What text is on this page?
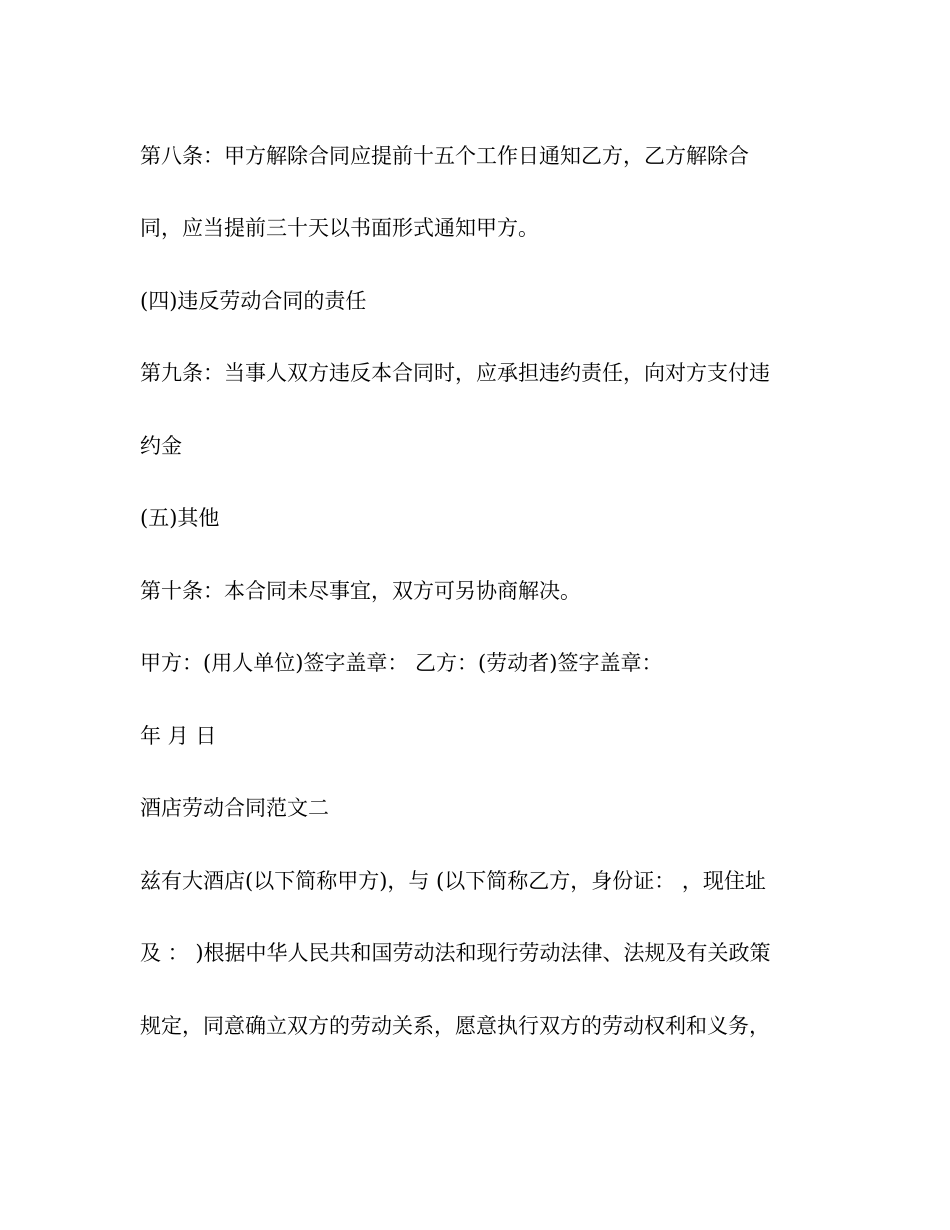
第八条：甲方解除合同应提前十五个工作日通知乙方，乙方解除合
同，应当提前三十天以书面形式通知甲方。
(四)违反劳动合同的责任
第九条：当事人双方违反本合同时，应承担违约责任，向对方支付违
约金
(五)其他
第十条：本合同未尽事宜，双方可另协商解决。
甲方：(用人单位)签字盖章： 乙方：(劳动者)签字盖章：
年 月 日
酒店劳动合同范文二
兹有大酒店(以下简称甲方)，与 (以下简称乙方，身份证： ，现住址
及 ： )根据中华人民共和国劳动法和现行劳动法律、法规及有关政策
规定，同意确立双方的劳动关系，愿意执行双方的劳动权利和义务，
